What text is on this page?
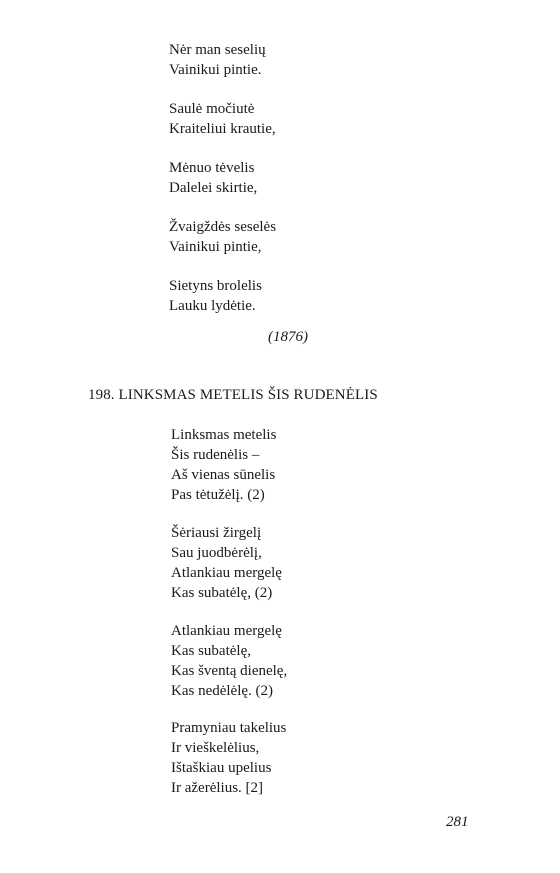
Nėr man seselių
Vainikui pintie.
Saulė močiutė
Kraiteliui krautie,
Mėnuo tėvelis
Dalelei skirtie,
Žvaigždės seselės
Vainikui pintie,
Sietyns brolelis
Lauku lydėtie.
(1876)
198. LINKSMAS METELIS ŠIS RUDENĖLIS
Linksmas metelis
Šis rudenėlis –
Aš vienas sūnelis
Pas tėtužėlį. (2)
Šėriausi žirgelį
Sau juodbėrėlį,
Atlankiau mergelę
Kas subatėlę, (2)
Atlankiau mergelę
Kas subatėlę,
Kas šventą dienelę,
Kas nedėlėlę. (2)
Pramyniau takelius
Ir vieškelėlius,
Ištaškiau upelius
Ir ažerėlius. [2]
281
